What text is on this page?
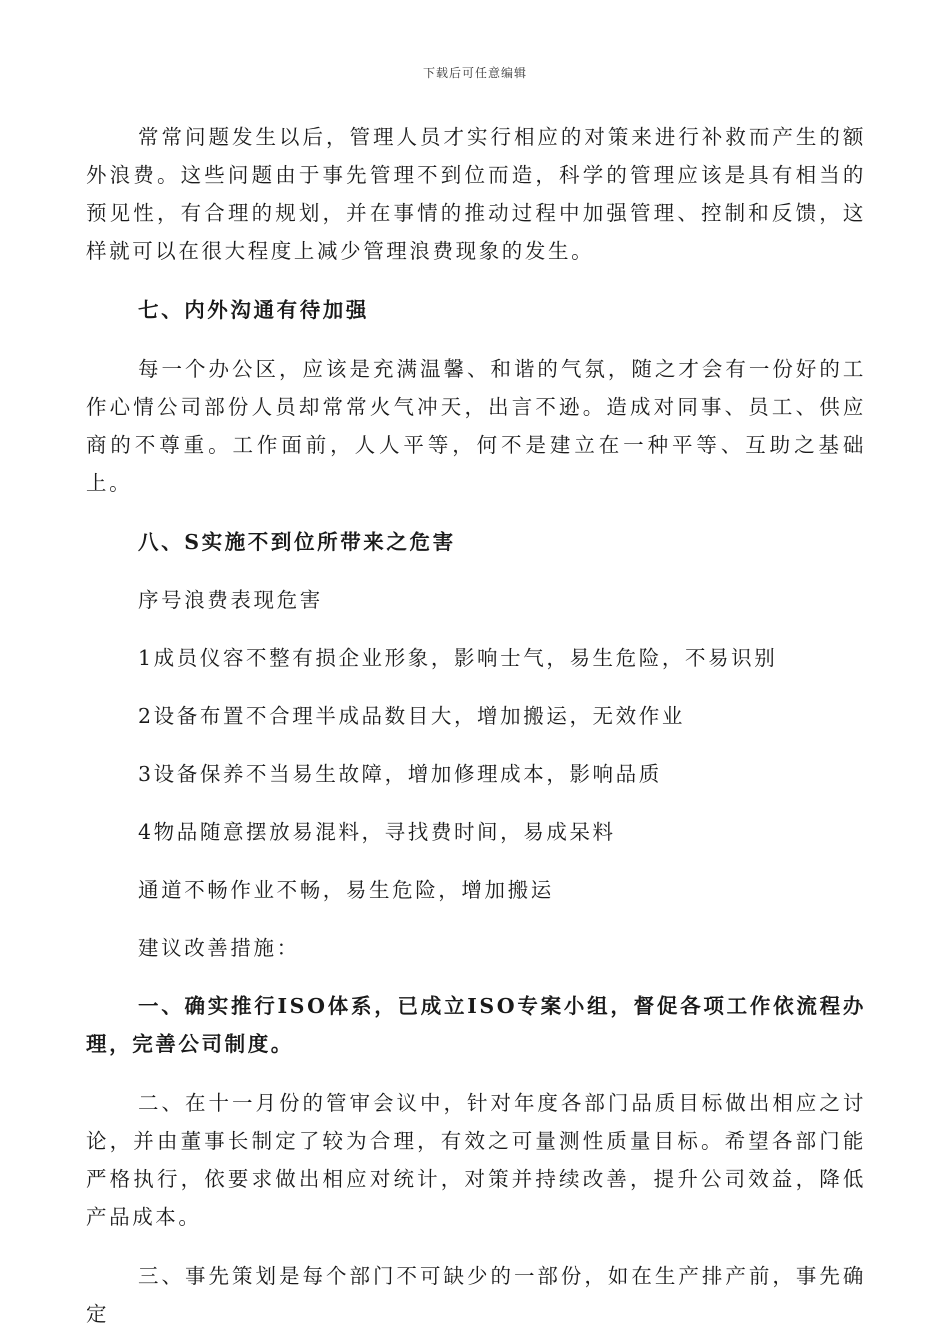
下载后可任意编辑

常常问题发生以后，管理人员才实行相应的对策来进行补救而产生的额外浪费。这些问题由于事先管理不到位而造，科学的管理应该是具有相当的预见性，有合理的规划，并在事情的推动过程中加强管理、控制和反馈，这样就可以在很大程度上减少管理浪费现象的发生。

七、内外沟通有待加强

每一个办公区，应该是充满温馨、和谐的气氛，随之才会有一份好的工作心情公司部份人员却常常火气冲天，出言不逊。造成对同事、员工、供应商的不尊重。工作面前，人人平等，何不是建立在一种平等、互助之基础上。

八、S实施不到位所带来之危害

序号浪费表现危害

1成员仪容不整有损企业形象，影响士气，易生危险，不易识别

2设备布置不合理半成品数目大，增加搬运，无效作业

3设备保养不当易生故障，增加修理成本，影响品质

4物品随意摆放易混料，寻找费时间，易成呆料

通道不畅作业不畅，易生危险，增加搬运

建议改善措施：

一、确实推行ISO体系，已成立ISO专案小组，督促各项工作依流程办理，完善公司制度。

二、在十一月份的管审会议中，针对年度各部门品质目标做出相应之讨论，并由董事长制定了较为合理，有效之可量测性质量目标。希望各部门能严格执行，依要求做出相应对统计，对策并持续改善，提升公司效益，降低产品成本。

三、事先策划是每个部门不可缺少的一部份，如在生产排产前，事先确定
